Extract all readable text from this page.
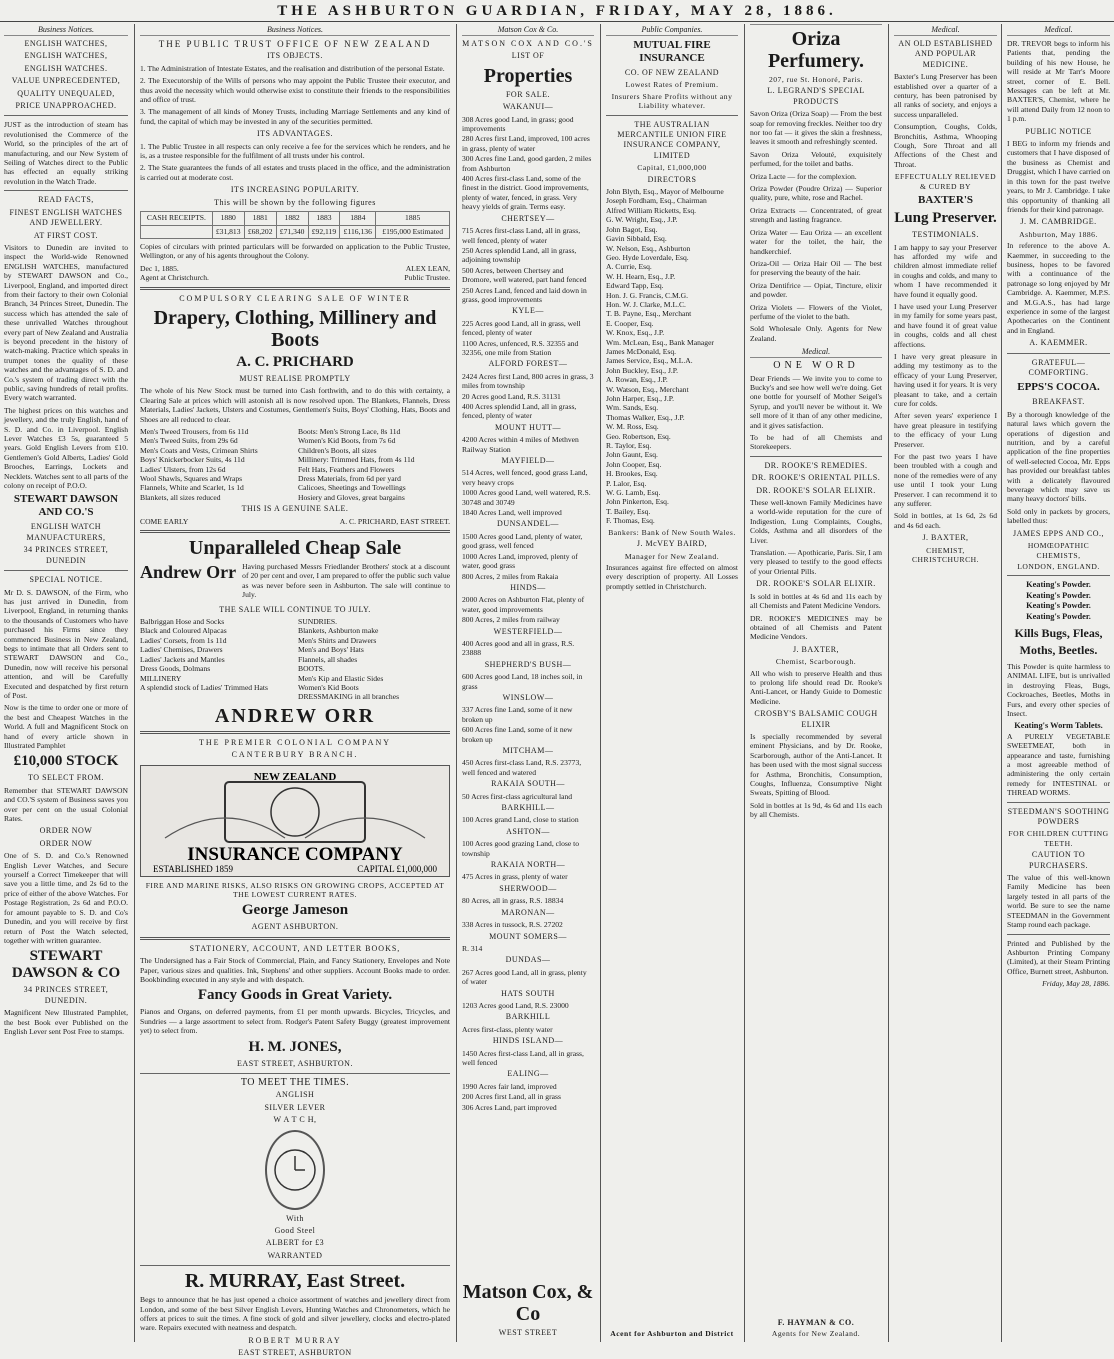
THE ASHBURTON GUARDIAN, FRIDAY, MAY 28, 1886.
Business Notices.
ENGLISH WATCHES,
ENGLISH WATCHES,
ENGLISH WATCHES.
VALUE UNPRECEDENTED,
QUALITY UNEQUALED,
PRICE UNAPPROACHED.
JUST as the introduction of steam has revolutionised the Commerce of the World, so the principles of the art of manufacturing, and our New System of Seiling of Watches direct to the Public has effected an equally striking revolution in the Watch Trade.
READ FACTS,
FINEST ENGLISH WATCHES AND JEWELLERY.
AT FIRST COST.
Visitors to Dunedin are invited to inspect the World-wide Renowned ENGLISH WATCHES, manufactured by STEWART DAWSON and Co., Liverpool, England, and imported direct from their factory to their own Colonial Branch, 34 Princes Street, Dunedin. The success which has attended the sale of these unrivalled Watches throughout every part of New Zealand and Australia is beyond precedent in the history of watch-making. Practice which speaks in trumpet tones the quality of these watches and the advantages of S. D. and Co.'s system of trading direct with the public, saving hundreds of retail profits. Every watch warranted.
The highest prices on this watches and jewellery, and the truly English, hand of S. D. and Co. in Liverpool. English Lever Watches £3 5s, guaranteed 5 years. Gold English Levers from £10. Gentlemen's Gold Alberts, Ladies' Gold Brooches, Earrings, Lockets and Necklets. Watches sent to all parts of the colony on receipt of P.O.O.
STEWART DAWSON AND CO.'S
ENGLISH WATCH MANUFACTURERS,
34 PRINCES STREET, DUNEDIN
SPECIAL NOTICE.
Mr D. S. DAWSON, of the Firm, who has just arrived in Dunedin, from Liverpool, England, in returning thanks to the thousands of Customers who have purchased his Firms since they commenced Business in New Zealand, begs to intimate that all Orders sent to STEWART DAWSON and Co., Dunedin, now will receive his personal attention, and will be Carefully Executed and despatched by first return of Post.
Now is the time to order one or more of the best and Cheapest Watches in the World. A full and Magnificent Stock on hand of every article shown in Illustrated Pamphlet
£10,000 STOCK
TO SELECT FROM.
Remember that STEWART DAWSON and CO.'S system of Business saves you over per cent on the usual Colonial Rates.
ORDER NOW
ORDER NOW
One of S. D. and Co.'s Renowned English Lever Watches, and Secure yourself a Correct Timekeeper that will save you a little time, and 2s 6d to the price of either of the above Watches. For Postage Registration, 2s 6d and P.O.O. for amount payable to S. D. and Co's Dunedin, and you will receive by first return of Post the Watch selected, together with written guarantee.
STEWART DAWSON & CO
34 PRINCES STREET, DUNEDIN.
Magnificent New Illustrated Pamphlet, the best Book ever Published on the English Lever sent Post Free to stamps.
Business Notices.
THE PUBLIC TRUST OFFICE OF NEW ZEALAND
ITS OBJECTS.
1. The Administration of Intestate Estates, and the realisation and distribution of the personal Estate.
2. The Executorship of the Wills of persons who may appoint the Public Trustee their executor, and thus avoid the necessity which would otherwise exist to constitute their friends to the responsibilities and office of trust.
3. The management of all kinds of Money Trusts, including Marriage Settlements and any kind of fund, the capital of which may be invested in any of the securities permitted.
ITS ADVANTAGES.
1. The Public Trustee in all respects can only receive a fee for the services which he renders, and he is, as a trustee responsible for the fulfilment of all trusts under his control.
2. The State guarantees the funds of all estates and trusts placed in the office, and the administration is carried out at moderate cost.
ITS INCREASING POPULARITY.
This will be shown by the following figures
CASH RECEIPTS.	1880	1881	1882	1883	1884	1885
	£31,813	£68,202	£71,340	£92,119	£116,136	£195,000 Estimated
Copies of circulars with printed particulars will be forwarded on application to the Public Trustee, Wellington, or any of his agents throughout the Colony.
Dec 1, 1885.	ALEX LEAN,
Agent at Christchurch.	Public Trustee.
COMPULSORY CLEARING SALE OF WINTER
Drapery, Clothing, Millinery and Boots
A. C. PRICHARD
MUST REALISE PROMPTLY
The whole of his New Stock must be turned into Cash forthwith, and to do this with certainty, a Clearing Sale at prices which will astonish all is now resolved upon. The Blankets, Flannels, Dress Materials, Ladies' Jackets, Ulsters and Costumes, Gentlemen's Suits, Boys' Clothing, Hats, Boots and Shoes are all reduced to clear.
Men's Tweed Trousers, from 6s 11d
Men's Tweed Suits, from 29s 6d
Men's Coats and Vests, Crimean Shirts
Boys' Knickerbocker Suits, 4s 11d
Ladies' Ulsters, from 12s 6d
Wool Shawls, Squares and Wraps
Flannels, White and Scarlet, 1s 1d
Blankets, all sizes reduced
Boots: Men's Strong Lace, 8s 11d
Women's Kid Boots, from 7s 6d
Children's Boots, all sizes
Millinery: Trimmed Hats, from 4s 11d
Felt Hats, Feathers and Flowers
Dress Materials, from 6d per yard
Calicoes, Sheetings and Towellings
Hosiery and Gloves, great bargains
THIS IS A GENUINE SALE.
COME EARLY	A. C. PRICHARD, EAST STREET.
Unparalleled Cheap Sale
Andrew Orr Having purchased Messrs Friedlander Brothers' stock at a discount of 20 per cent and over, I am prepared to offer the public such value as was never before seen in Ashburton. The sale will continue to July.
THE SALE WILL CONTINUE TO JULY.
Balbriggan Hose and Socks
Black and Coloured Alpacas
Ladies' Corsets, from 1s 11d
Ladies' Chemises, Drawers
Ladies' Jackets and Mantles
Dress Goods, Dolmans
MILLINERY
A splendid stock of Ladies' Trimmed Hats
SUNDRIES.
Blankets, Ashburton make
Men's Shirts and Drawers
Men's and Boys' Hats
Flannels, all shades
BOOTS.
Men's Kip and Elastic Sides
Women's Kid Boots
DRESSMAKING in all branches
ANDREW ORR
THE PREMIER COLONIAL COMPANY
CANTERBURY BRANCH.
NEW ZEALAND
INSURANCE COMPANY
ESTABLISHED 1859	CAPITAL £1,000,000
FIRE AND MARINE RISKS, ALSO RISKS ON GROWING CROPS, ACCEPTED AT THE LOWEST CURRENT RATES.
George Jameson
AGENT ASHBURTON.
STATIONERY, ACCOUNT, AND LETTER BOOKS,
The Undersigned has a Fair Stock of Commercial, Plain, and Fancy Stationery, Envelopes and Note Paper, various sizes and qualities. Ink, Stephens' and other suppliers. Account Books made to order. Bookbinding executed in any style and with despatch.
Fancy Goods in Great Variety.
Pianos and Organs, on deferred payments, from £1 per month upwards. Bicycles, Tricycles, and Sundries — a large assortment to select from. Rodger's Patent Safety Buggy (greatest improvement yet) to select from.
H. M. JONES,
EAST STREET, ASHBURTON.
TO MEET THE TIMES.
ANGLISH
SILVER LEVER
W A T C H,
With
Good Steel
ALBERT for £3
WARRANTED
R. MURRAY, East Street.
Begs to announce that he has just opened a choice assortment of watches and jewellery direct from London, and some of the best Silver English Levers, Hunting Watches and Chronometers, which he offers at prices to suit the times. A fine stock of gold and silver jewellery, clocks and electro-plated ware. Repairs executed with neatness and despatch.
ROBERT MURRAY
EAST STREET, ASHBURTON
Matson Cox & Co.
MATSON COX AND CO.'S
LIST OF
Properties
FOR SALE.
WAKANUI—
308 Acres good Land, in grass; good improvements
280 Acres first Land, improved, 100 acres in grass, plenty of water
300 Acres fine Land, good garden, 2 miles from Ashburton
400 Acres first-class Land, some of the finest in the district. Good improvements, plenty of water, fenced, in grass. Very heavy yields of grain. Terms easy.
CHERTSEY—
715 Acres first-class Land, all in grass, well fenced, plenty of water
250 Acres splendid Land, all in grass, adjoining township
500 Acres, between Chertsey and Dromore, well watered, part hand fenced
250 Acres Land, fenced and laid down in grass, good improvements
KYLE—
225 Acres good Land, all in grass, well fenced, plenty of water
1100 Acres, unfenced, R.S. 32355 and 32356, one mile from Station
ALFORD FOREST—
2424 Acres first Land, 800 acres in grass, 3 miles from township
20 Acres good Land, R.S. 31131
400 Acres splendid Land, all in grass, fenced, plenty of water
MOUNT HUTT—
4200 Acres within 4 miles of Methven Railway Station
MAYFIELD—
514 Acres, well fenced, good grass Land, very heavy crops
1000 Acres good Land, well watered, R.S. 30748 and 30749
1840 Acres Land, well improved
DUNSANDEL—
1500 Acres good Land, plenty of water, good grass, well fenced
1000 Acres Land, improved, plenty of water, good grass
800 Acres, 2 miles from Rakaia
HINDS—
2000 Acres on Ashburton Flat, plenty of water, good improvements
800 Acres, 2 miles from railway
WESTERFIELD—
400 Acres good and all in grass, R.S. 23888
SHEPHERD'S BUSH—
600 Acres good Land, 18 inches soil, in grass
WINSLOW—
337 Acres fine Land, some of it new broken up
600 Acres fine Land, some of it new broken up
MITCHAM—
450 Acres first-class Land, R.S. 23773, well fenced and watered
RAKAIA SOUTH—
50 Acres first-class agricultural land
BARKHILL—
100 Acres grand Land, close to station
ASHTON—
100 Acres good grazing Land, close to township
RAKAIA NORTH—
475 Acres in grass, plenty of water
SHERWOOD—
80 Acres, all in grass, R.S. 18834
MARONAN—
338 Acres in tussock, R.S. 27202
MOUNT SOMERS—
R. 314
DUNDAS—
267 Acres good Land, all in grass, plenty of water
HATS SOUTH
1203 Acres good Land, R.S. 23000
BARKHILL
Acres first-class, plenty water
HINDS ISLAND—
1450 Acres first-class Land, all in grass, well fenced
EALING—
1990 Acres fair land, improved
200 Acres first Land, all in grass
306 Acres Land, part improved
Matson Cox, & Co
WEST STREET
Public Companies.
MUTUAL FIRE INSURANCE
CO. OF NEW ZEALAND
Lowest Rates of Premium.
Insurers Share Profits without any Liability whatever.
THE AUSTRALIAN MERCANTILE UNION FIRE INSURANCE COMPANY, LIMITED
Capital, £1,000,000
DIRECTORS
John Blyth, Esq., Mayor of Melbourne
Joseph Fordham, Esq., Chairman
Alfred William Ricketts, Esq.
G. W. Wright, Esq., J.P.
John Bagot, Esq.
Gavin Sibbald, Esq.
W. Nelson, Esq., Ashburton
Geo. Hyde Loverdale, Esq.
A. Currie, Esq.
W. H. Hearn, Esq., J.P.
Edward Tapp, Esq.
Hon. J. G. Francis, C.M.G.
Hon. W. J. Clarke, M.L.C.
T. B. Payne, Esq., Merchant
E. Cooper, Esq.
W. Knox, Esq., J.P.
Wm. McLean, Esq., Bank Manager
James McDonald, Esq.
James Service, Esq., M.L.A.
John Buckley, Esq., J.P.
A. Rowan, Esq., J.P.
W. Watson, Esq., Merchant
John Harper, Esq., J.P.
Wm. Sands, Esq.
Thomas Walker, Esq., J.P.
W. M. Ross, Esq.
Geo. Robertson, Esq.
R. Taylor, Esq.
John Gaunt, Esq.
John Cooper, Esq.
H. Brookes, Esq.
P. Lalor, Esq.
W. G. Lamb, Esq.
John Pinkerton, Esq.
T. Bailey, Esq.
F. Thomas, Esq.
Bankers: Bank of New South Wales.
J. McVEY BAIRD,
Manager for New Zealand.
Insurances against fire effected on almost every description of property. All Losses promptly settled in Christchurch.
Acent for Ashburton and District
Oriza Perfumery.
207, rue St. Honoré, Paris.
L. LEGRAND'S SPECIAL PRODUCTS
Savon Oriza (Oriza Soap) — From the best soap for removing freckles. Neither too dry nor too fat — it gives the skin a freshness, leaves it smooth and refreshingly scented.
Savon Oriza Velouté, exquisitely perfumed, for the toilet and baths.
Oriza Lacte — for the complexion.
Oriza Powder (Poudre Oriza) — Superior quality, pure, white, rose and Rachel.
Oriza Extracts — Concentrated, of great strength and lasting fragrance.
Oriza Water — Eau Oriza — an excellent water for the toilet, the hair, the handkerchief.
Oriza-Oil — Oriza Hair Oil — The best for preserving the beauty of the hair.
Oriza Dentifrice — Opiat, Tincture, elixir and powder.
Oriza Violets — Flowers of the Violet, perfume of the violet to the bath.
Sold Wholesale Only. Agents for New Zealand.
Medical.
ONE WORD
Dear Friends — We invite you to come to Bucky's and see how well we're doing. Get one bottle for yourself of Mother Seigel's Syrup, and you'll never be without it. We sell more of it than of any other medicine, and it gives satisfaction.
To be had of all Chemists and Storekeepers.
DR. ROOKE'S REMEDIES.
DR. ROOKE'S ORIENTAL PILLS.
DR. ROOKE'S SOLAR ELIXIR.
These well-known Family Medicines have a world-wide reputation for the cure of Indigestion, Lung Complaints, Coughs, Colds, Asthma and all disorders of the Liver.
Translation. — Apothicarie, Paris. Sir, I am very pleased to testify to the good effects of your Oriental Pills.
DR. ROOKE'S SOLAR ELIXIR.
Is sold in bottles at 4s 6d and 11s each by all Chemists and Patent Medicine Vendors.
DR. ROOKE'S MEDICINES may be obtained of all Chemists and Patent Medicine Vendors.
J. BAXTER,
Chemist, Scarborough.
All who wish to preserve Health and thus to prolong life should read Dr. Rooke's Anti-Lancet, or Handy Guide to Domestic Medicine.
CROSBY'S BALSAMIC COUGH ELIXIR
Is specially recommended by several eminent Physicians, and by Dr. Rooke, Scarborough, author of the Anti-Lancet. It has been used with the most signal success for Asthma, Bronchitis, Consumption, Coughs, Influenza, Consumptive Night Sweats, Spitting of Blood.
Sold in bottles at 1s 9d, 4s 6d and 11s each by all Chemists.
F. HAYMAN & CO.
Agents for New Zealand.
Medical.
AN OLD ESTABLISHED AND POPULAR MEDICINE.
Baxter's Lung Preserver has been established over a quarter of a century, has been patronised by all ranks of society, and enjoys a success unparalleled.
Consumption, Coughs, Colds, Bronchitis, Asthma, Whooping Cough, Sore Throat and all Affections of the Chest and Throat.
EFFECTUALLY RELIEVED & CURED BY
BAXTER'S
Lung Preserver.
TESTIMONIALS.
I am happy to say your Preserver has afforded my wife and children almost immediate relief in coughs and colds, and many to whom I have recommended it have found it equally good.
I have used your Lung Preserver in my family for some years past, and have found it of great value in coughs, colds and all chest affections.
I have very great pleasure in adding my testimony as to the efficacy of your Lung Preserver, having used it for years. It is very pleasant to take, and a certain cure for colds.
After seven years' experience I have great pleasure in testifying to the efficacy of your Lung Preserver.
For the past two years I have been troubled with a cough and none of the remedies were of any use until I took your Lung Preserver. I can recommend it to any sufferer.
Sold in bottles, at 1s 6d, 2s 6d and 4s 6d each.
J. BAXTER,
CHEMIST, CHRISTCHURCH.
Medical.
DR. TREVOR begs to inform his Patients that, pending the building of his new House, he will reside at Mr Tarr's Moore street, corner of E. Bell. Messages can be left at Mr. BAXTER'S, Chemist, where he will attend Daily from 12 noon to 1 p.m.
PUBLIC NOTICE
I BEG to inform my friends and customers that I have disposed of the business as Chemist and Druggist, which I have carried on in this town for the past twelve years, to Mr J. Cambridge. I take this opportunity of thanking all friends for their kind patronage.
J. M. CAMBRIDGE.
Ashburton, May 1886.
In reference to the above A. Kaemmer, in succeeding to the business, hopes to be favored with a continuance of the patronage so long enjoyed by Mr Cambridge. A. Kaemmer, M.P.S. and M.G.A.S., has had large experience in some of the largest Apothecaries on the Continent and in England.
A. KAEMMER.
GRATEFUL—COMFORTING.
EPPS'S COCOA.
BREAKFAST.
By a thorough knowledge of the natural laws which govern the operations of digestion and nutrition, and by a careful application of the fine properties of well-selected Cocoa, Mr. Epps has provided our breakfast tables with a delicately flavoured beverage which may save us many heavy doctors' bills.
Sold only in packets by grocers, labelled thus:
JAMES EPPS AND CO.,
HOMŒOPATHIC CHEMISTS,
LONDON, ENGLAND.
Keating's Powder.
Keating's Powder.
Keating's Powder.
Keating's Powder.
Kills Bugs, Fleas, Moths, Beetles.
This Powder is quite harmless to ANIMAL LIFE, but is unrivalled in destroying Fleas, Bugs, Cockroaches, Beetles, Moths in Furs, and every other species of Insect.
Keating's Worm Tablets.
A PURELY VEGETABLE SWEETMEAT, both in appearance and taste, furnishing a most agreeable method of administering the only certain remedy for INTESTINAL or THREAD WORMS.
STEEDMAN'S SOOTHING POWDERS
FOR CHILDREN CUTTING TEETH.
CAUTION TO PURCHASERS.
The value of this well-known Family Medicine has been largely tested in all parts of the world. Be sure to see the name STEEDMAN in the Government Stamp round each package.
Printed and Published by the Ashburton Printing Company (Limited), at their Steam Printing Office, Burnett street, Ashburton.
Friday, May 28, 1886.
